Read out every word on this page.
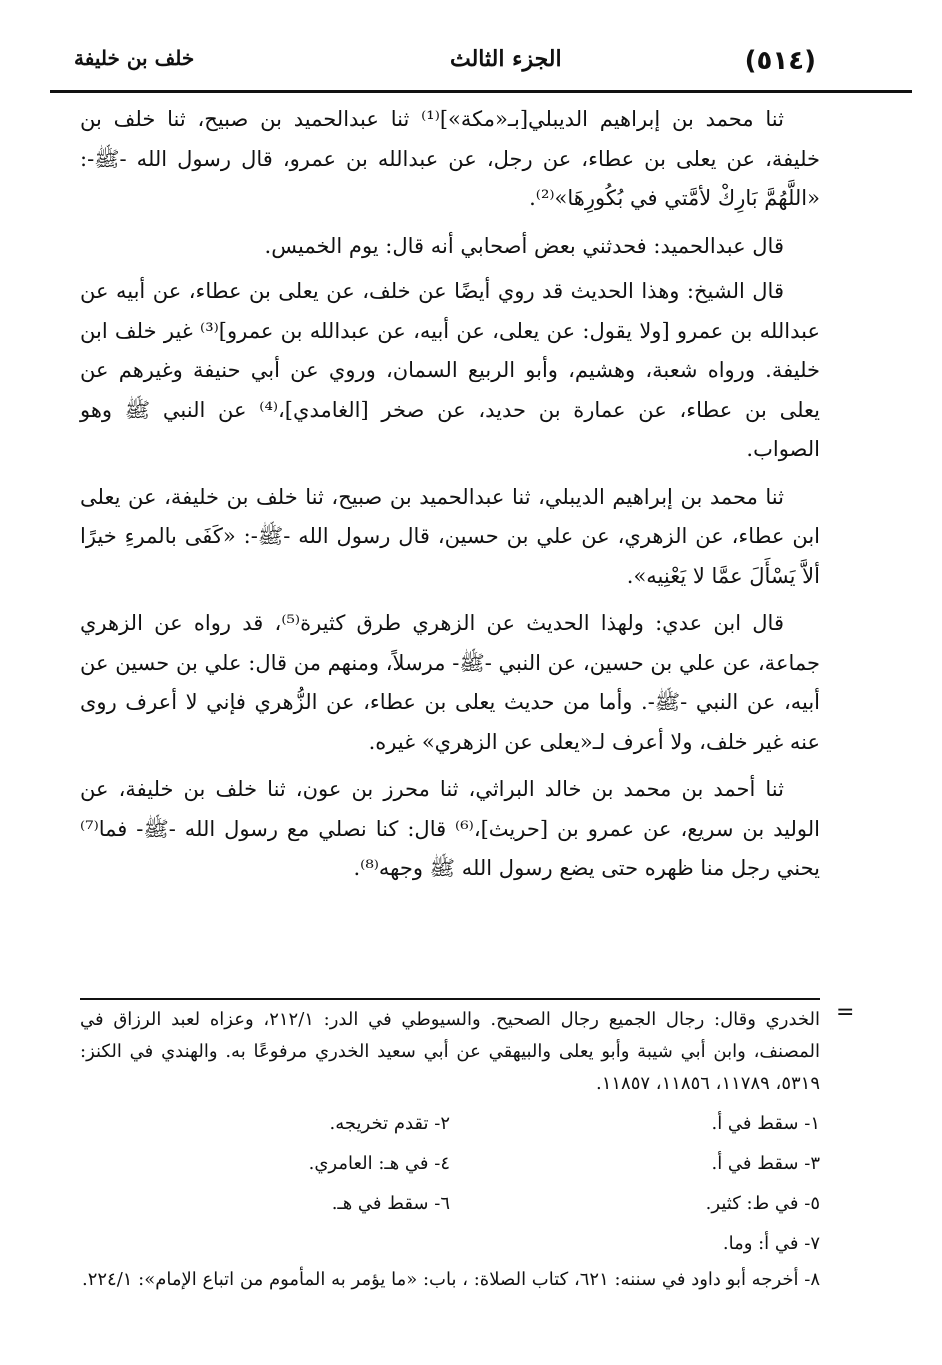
(٥١٤)
الجزء الثالث
خلف بن خليفة

ثنا محمد بن إبراهيم الديبلي[بـ«مكة»]⁽¹⁾ ثنا عبدالحميد بن صبيح، ثنا خلف بن خليفة، عن يعلى بن عطاء، عن رجل، عن عبدالله بن عمرو، قال رسول الله -ﷺ-: «اللَّهُمَّ بَارِكْ لأمَّتي في بُكُورِهَا»⁽²⁾.

قال عبدالحميد: فحدثني بعض أصحابي أنه قال: يوم الخميس.

قال الشيخ: وهذا الحديث قد روي أيضًا عن خلف، عن يعلى بن عطاء، عن أبيه عن عبدالله بن عمرو [ولا يقول: عن يعلى، عن أبيه، عن عبدالله بن عمرو]⁽³⁾ غير خلف ابن خليفة. ورواه شعبة، وهشيم، وأبو الربيع السمان، وروي عن أبي حنيفة وغيرهم عن يعلى بن عطاء، عن عمارة بن حديد، عن صخر [الغامدي]،⁽⁴⁾ عن النبي ﷺ وهو الصواب.

ثنا محمد بن إبراهيم الديبلي، ثنا عبدالحميد بن صبيح، ثنا خلف بن خليفة، عن يعلى ابن عطاء، عن الزهري، عن علي بن حسين، قال رسول الله -ﷺ-: «كَفَى بالمرءِ خيرًا ألاَّ يَسْأَلَ عمَّا لا يَعْنِيه».

قال ابن عدي: ولهذا الحديث عن الزهري طرق كثيرة⁽⁵⁾، قد رواه عن الزهري جماعة، عن علي بن حسين، عن النبي -ﷺ- مرسلاً، ومنهم من قال: علي بن حسين عن أبيه، عن النبي -ﷺ-. وأما من حديث يعلى بن عطاء، عن الزُّهري فإني لا أعرف روى عنه غير خلف، ولا أعرف لـ«يعلى عن الزهري» غيره.

ثنا أحمد بن محمد بن خالد البراثي، ثنا محرز بن عون، ثنا خلف بن خليفة، عن الوليد بن سريع، عن عمرو بن [حريث]،⁽⁶⁾ قال: كنا نصلي مع رسول الله -ﷺ- فما⁽⁷⁾ يحني رجل منا ظهره حتى يضع رسول الله ﷺ وجهه⁽⁸⁾.

=

الخدري وقال: رجال الجميع رجال الصحيح. والسيوطي في الدر: ٢١٢/١، وعزاه لعبد الرزاق في المصنف، وابن أبي شيبة وأبو يعلى والبيهقي عن أبي سعيد الخدري مرفوعًا به. والهندي في الكنز: ٥٣١٩، ١١٧٨٩، ١١٨٥٦، ١١٨٥٧.

١- سقط في أ.
٢- تقدم تخريجه.
٣- سقط في أ.
٤- في هـ: العامري.
٥- في ط: كثير.
٦- سقط في هـ.
٧- في أ: وما.

٨- أخرجه أبو داود في سننه: ٦٢١، كتاب الصلاة: ، باب: «ما يؤمر به المأموم من اتباع الإمام»: ٢٢٤/١.
